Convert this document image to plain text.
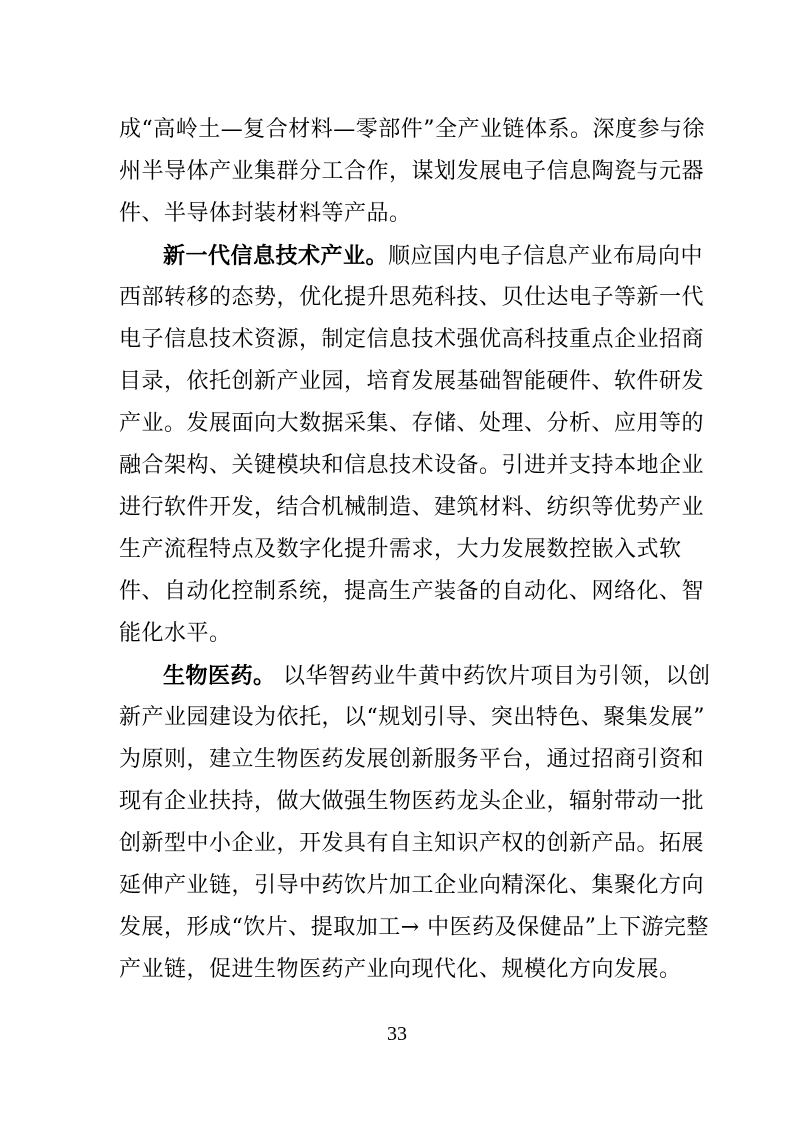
成“高岭土—复合材料—零部件”全产业链体系。深度参与徐
州半导体产业集群分工合作，谋划发展电子信息陶瓷与元器
件、半导体封装材料等产品。
新一代信息技术产业。顺应国内电子信息产业布局向中
西部转移的态势，优化提升思苑科技、贝仕达电子等新一代
电子信息技术资源，制定信息技术强优高科技重点企业招商
目录，依托创新产业园，培育发展基础智能硬件、软件研发
产业。发展面向大数据采集、存储、处理、分析、应用等的
融合架构、关键模块和信息技术设备。引进并支持本地企业
进行软件开发，结合机械制造、建筑材料、纺织等优势产业
生产流程特点及数字化提升需求，大力发展数控嵌入式软
件、自动化控制系统，提高生产装备的自动化、网络化、智
能化水平。
生物医药。 以华智药业牛黄中药饮片项目为引领，以创
新产业园建设为依托，以“规划引导、突出特色、聚集发展”
为原则，建立生物医药发展创新服务平台，通过招商引资和
现有企业扶持，做大做强生物医药龙头企业，辐射带动一批
创新型中小企业，开发具有自主知识产权的创新产品。拓展
延伸产业链，引导中药饮片加工企业向精深化、集聚化方向
发展，形成“饮片、提取加工→ 中医药及保健品”上下游完整
产业链，促进生物医药产业向现代化、规模化方向发展。
33
